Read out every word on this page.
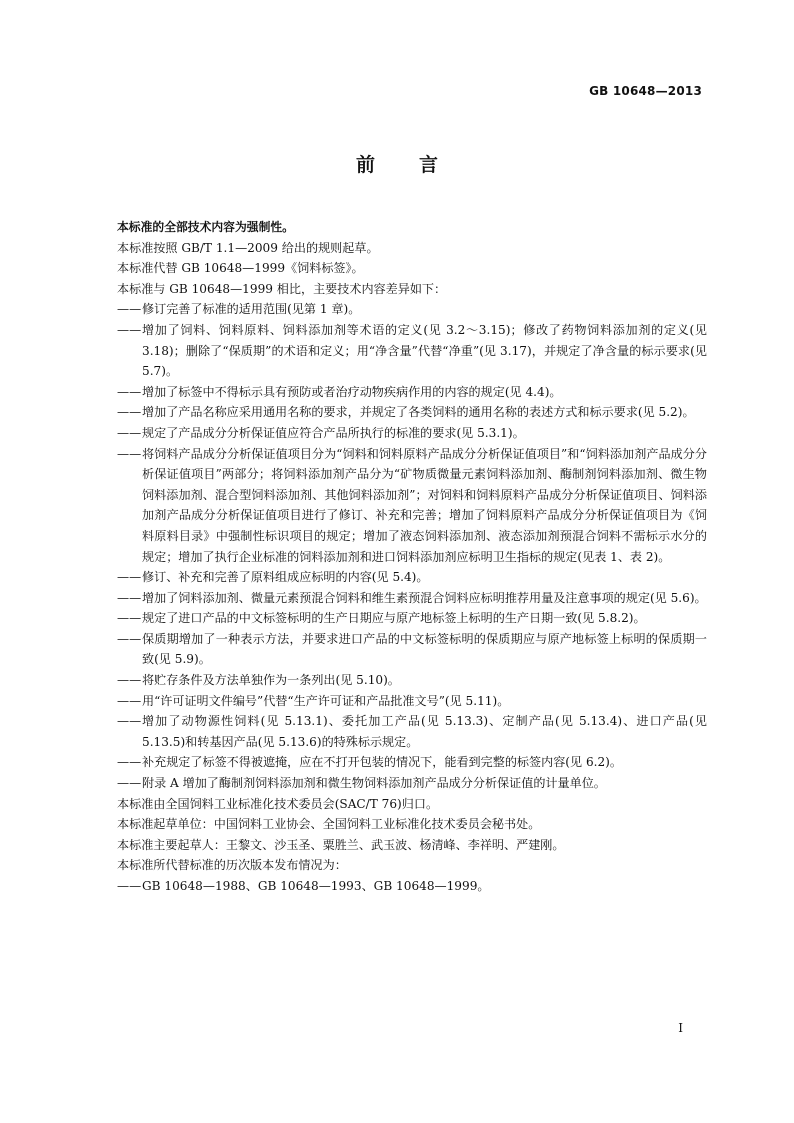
GB 10648—2013
前言

本标准的全部技术内容为强制性。

本标准按照 GB/T 1.1—2009 给出的规则起草。

本标准代替 GB 10648—1999《饲料标签》。

本标准与 GB 10648—1999 相比，主要技术内容差异如下：

—— 修订完善了标准的适用范围(见第 1 章)。
—— 增加了饲料、饲料原料、饲料添加剂等术语的定义(见 3.2～3.15)；修改了药物饲料添加剂的定义(见 3.18)；删除了“保质期”的术语和定义；用“净含量”代替“净重”(见 3.17)，并规定了净含量的标示要求(见 5.7)。
—— 增加了标签中不得标示具有预防或者治疗动物疾病作用的内容的规定(见 4.4)。
—— 增加了产品名称应采用通用名称的要求，并规定了各类饲料的通用名称的表述方式和标示要求(见 5.2)。
—— 规定了产品成分分析保证值应符合产品所执行的标准的要求(见 5.3.1)。
—— 将饲料产品成分分析保证值项目分为“饲料和饲料原料产品成分分析保证值项目”和“饲料添加剂产品成分分析保证值项目”两部分；将饲料添加剂产品分为“矿物质微量元素饲料添加剂、酶制剂饲料添加剂、微生物饲料添加剂、混合型饲料添加剂、其他饲料添加剂”；对饲料和饲料原料产品成分分析保证值项目、饲料添加剂产品成分分析保证值项目进行了修订、补充和完善；增加了饲料原料产品成分分析保证值项目为《饲料原料目录》中强制性标识项目的规定；增加了液态饲料添加剂、液态添加剂预混合饲料不需标示水分的规定；增加了执行企业标准的饲料添加剂和进口饲料添加剂应标明卫生指标的规定(见表 1、表 2)。
—— 修订、补充和完善了原料组成应标明的内容(见 5.4)。
—— 增加了饲料添加剂、微量元素预混合饲料和维生素预混合饲料应标明推荐用量及注意事项的规定(见 5.6)。
—— 规定了进口产品的中文标签标明的生产日期应与原产地标签上标明的生产日期一致(见 5.8.2)。
—— 保质期增加了一种表示方法，并要求进口产品的中文标签标明的保质期应与原产地标签上标明的保质期一致(见 5.9)。
—— 将贮存条件及方法单独作为一条列出(见 5.10)。
—— 用“许可证明文件编号”代替“生产许可证和产品批准文号”(见 5.11)。
—— 增加了动物源性饲料(见 5.13.1)、委托加工产品(见 5.13.3)、定制产品(见 5.13.4)、进口产品(见 5.13.5)和转基因产品(见 5.13.6)的特殊标示规定。
—— 补充规定了标签不得被遮掩，应在不打开包装的情况下，能看到完整的标签内容(见 6.2)。
—— 附录 A 增加了酶制剂饲料添加剂和微生物饲料添加剂产品成分分析保证值的计量单位。

本标准由全国饲料工业标准化技术委员会(SAC/T 76)归口。

本标准起草单位：中国饲料工业协会、全国饲料工业标准化技术委员会秘书处。

本标准主要起草人：王黎文、沙玉圣、粟胜兰、武玉波、杨清峰、李祥明、严建刚。

本标准所代替标准的历次版本发布情况为：

—— GB 10648—1988、GB 10648—1993、GB 10648—1999。
I
